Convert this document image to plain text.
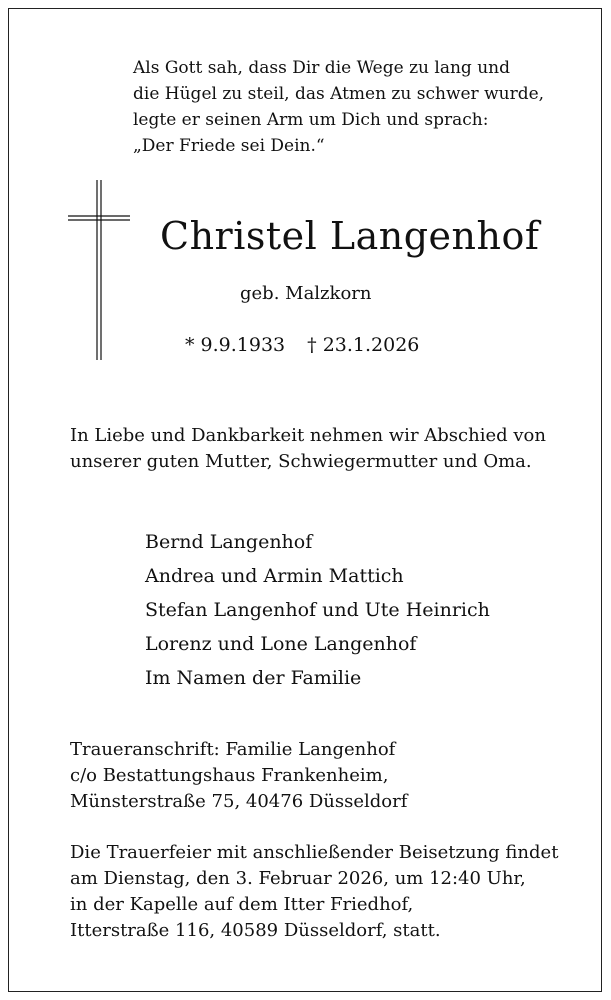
Als Gott sah, dass Dir die Wege zu lang und
die Hügel zu steil, das Atmen zu schwer wurde,
legte er seinen Arm um Dich und sprach:
„Der Friede sei Dein.“
Christel Langenhof
geb. Malzkorn
* 9.9.1933 † 23.1.2026
In Liebe und Dankbarkeit nehmen wir Abschied von
unserer guten Mutter, Schwiegermutter und Oma.
Bernd Langenhof
Andrea und Armin Mattich
Stefan Langenhof und Ute Heinrich
Lorenz und Lone Langenhof
Im Namen der Familie
Traueranschrift: Familie Langenhof
c/o Bestattungshaus Frankenheim,
Münsterstraße 75, 40476 Düsseldorf
Die Trauerfeier mit anschließender Beisetzung findet
am Dienstag, den 3. Februar 2026, um 12:40 Uhr,
in der Kapelle auf dem Itter Friedhof,
Itterstraße 116, 40589 Düsseldorf, statt.
